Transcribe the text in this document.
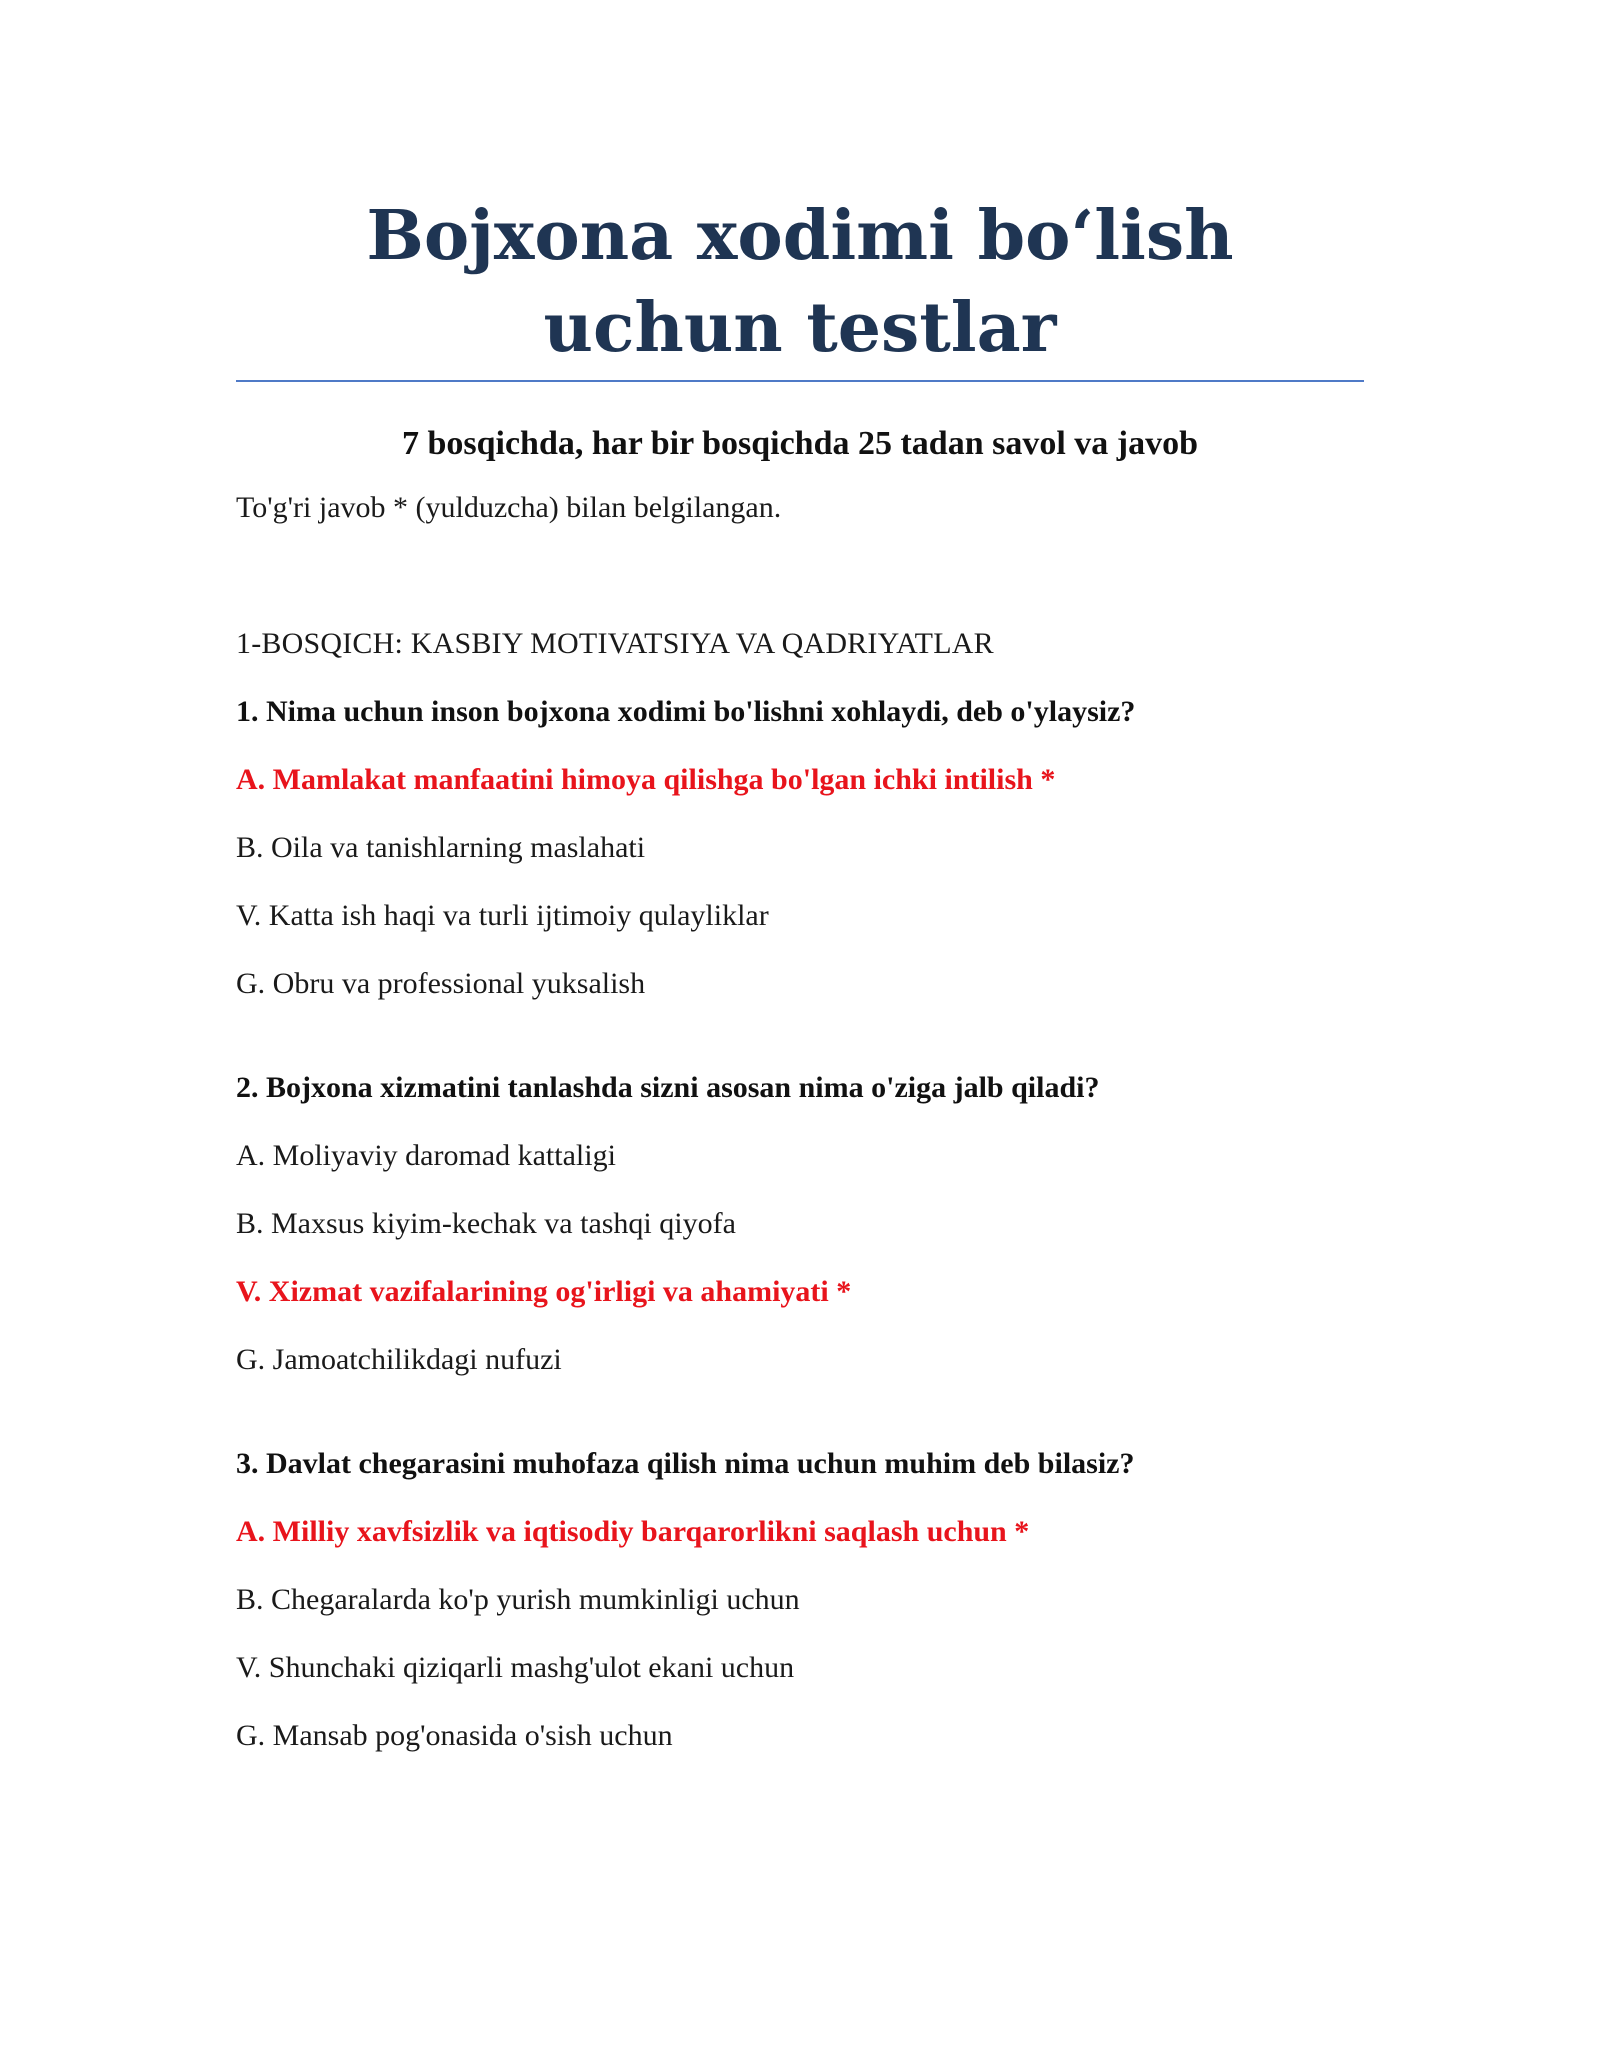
Bojxona xodimi bo‘lish uchun testlar

7 bosqichda, har bir bosqichda 25 tadan savol va javob

To'g'ri javob * (yulduzcha) bilan belgilangan.

1-BOSQICH: KASBIY MOTIVATSIYA VA QADRIYATLAR

1. Nima uchun inson bojxona xodimi bo'lishni xohlaydi, deb o'ylaysiz?

A. Mamlakat manfaatini himoya qilishga bo'lgan ichki intilish *

B. Oila va tanishlarning maslahati

V. Katta ish haqi va turli ijtimoiy qulayliklar

G. Obru va professional yuksalish

2. Bojxona xizmatini tanlashda sizni asosan nima o'ziga jalb qiladi?

A. Moliyaviy daromad kattaligi

B. Maxsus kiyim-kechak va tashqi qiyofa

V. Xizmat vazifalarining og'irligi va ahamiyati *

G. Jamoatchilikdagi nufuzi

3. Davlat chegarasini muhofaza qilish nima uchun muhim deb bilasiz?

A. Milliy xavfsizlik va iqtisodiy barqarorlikni saqlash uchun *

B. Chegaralarda ko'p yurish mumkinligi uchun

V. Shunchaki qiziqarli mashg'ulot ekani uchun

G. Mansab pog'onasida o'sish uchun
